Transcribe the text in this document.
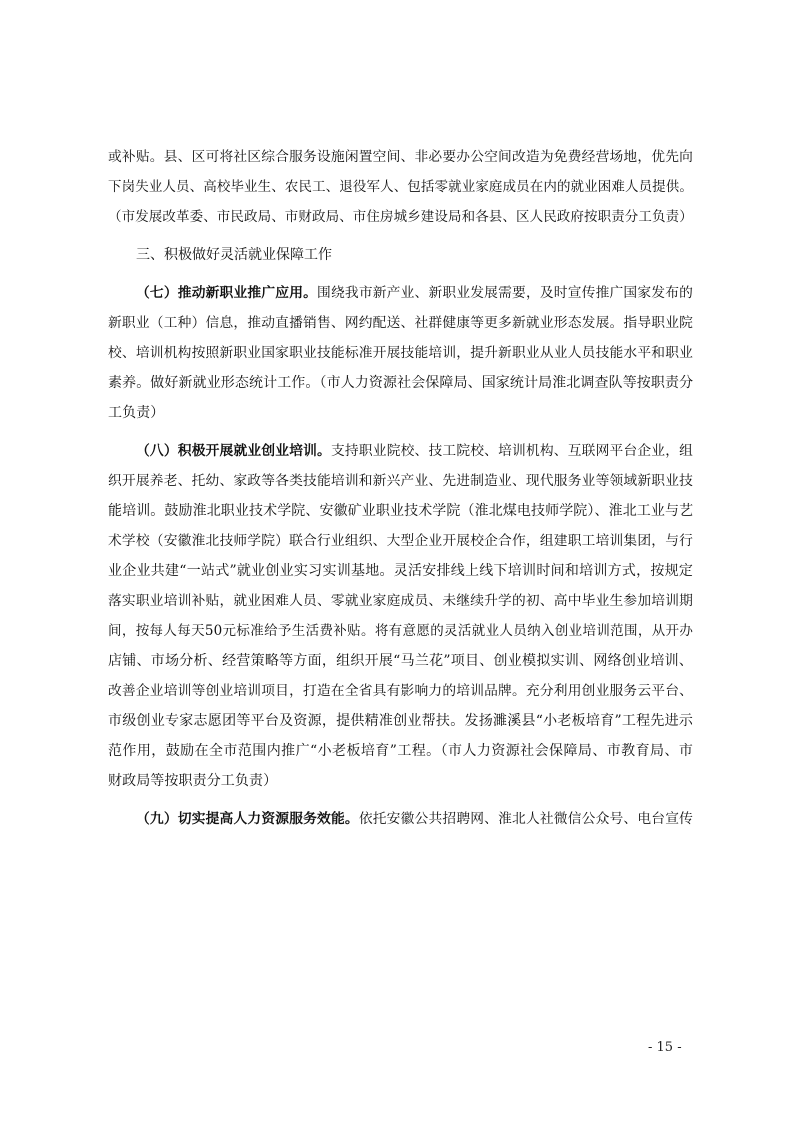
或补贴。县、区可将社区综合服务设施闲置空间、非必要办公空间改造为免费经营场地，优先向
下岗失业人员、高校毕业生、农民工、退役军人、包括零就业家庭成员在内的就业困难人员提供。
（市发展改革委、市民政局、市财政局、市住房城乡建设局和各县、区人民政府按职责分工负责）
三、积极做好灵活就业保障工作
（七）推动新职业推广应用。围绕我市新产业、新职业发展需要，及时宣传推广国家发布的
新职业（工种）信息，推动直播销售、网约配送、社群健康等更多新就业形态发展。指导职业院
校、培训机构按照新职业国家职业技能标准开展技能培训，提升新职业从业人员技能水平和职业
素养。做好新就业形态统计工作。（市人力资源社会保障局、国家统计局淮北调查队等按职责分
工负责）
（八）积极开展就业创业培训。支持职业院校、技工院校、培训机构、互联网平台企业，组
织开展养老、托幼、家政等各类技能培训和新兴产业、先进制造业、现代服务业等领域新职业技
能培训。鼓励淮北职业技术学院、安徽矿业职业技术学院（淮北煤电技师学院）、淮北工业与艺
术学校（安徽淮北技师学院）联合行业组织、大型企业开展校企合作，组建职工培训集团，与行
业企业共建“一站式”就业创业实习实训基地。灵活安排线上线下培训时间和培训方式，按规定
落实职业培训补贴，就业困难人员、零就业家庭成员、未继续升学的初、高中毕业生参加培训期
间，按每人每天50元标准给予生活费补贴。将有意愿的灵活就业人员纳入创业培训范围，从开办
店铺、市场分析、经营策略等方面，组织开展“马兰花”项目、创业模拟实训、网络创业培训、
改善企业培训等创业培训项目，打造在全省具有影响力的培训品牌。充分利用创业服务云平台、
市级创业专家志愿团等平台及资源，提供精准创业帮扶。发扬濉溪县“小老板培育”工程先进示
范作用，鼓励在全市范围内推广“小老板培育”工程。（市人力资源社会保障局、市教育局、市
财政局等按职责分工负责）
（九）切实提高人力资源服务效能。依托安徽公共招聘网、淮北人社微信公众号、电台宣传
- 15 -
